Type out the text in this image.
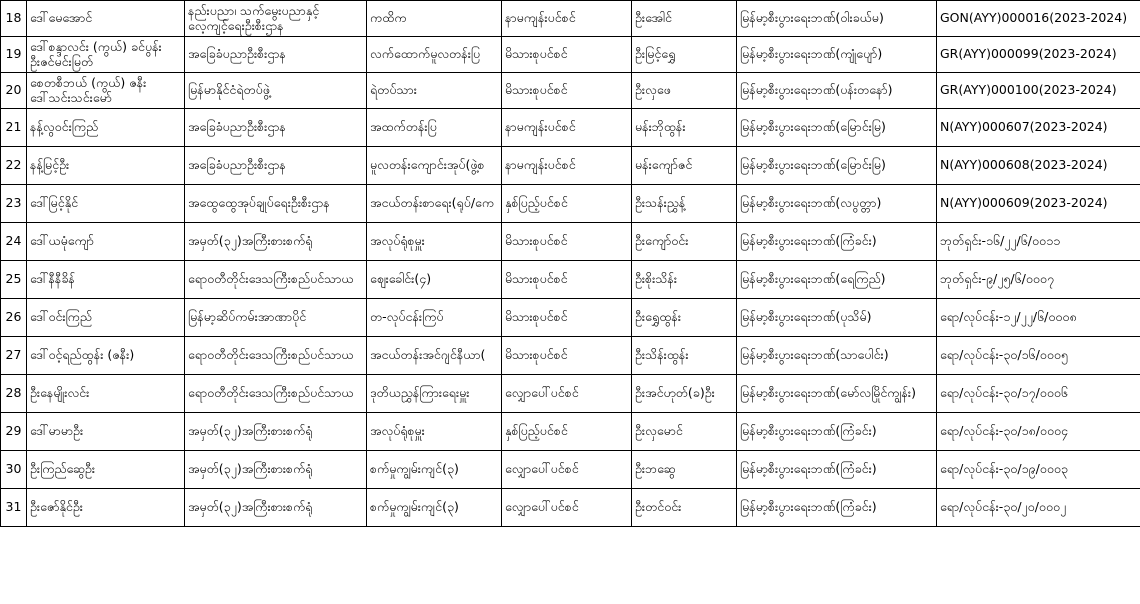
18	ဒေါ်မေအောင်	နည်းပညာ၊ သက်မွေးပညာနှင့်
လေ့ကျင့်ရေးဦးစီးဌာန	ကထိက	နာမကျန်းပင်စင်	ဦးအေါင်	မြန်မာ့စီးပွားရေးဘဏ်(ဝါးခယ်မ)	GON(AYY)000016(2023-2024)
19	ဒေါ်စန္ဒာလင်း (ကွယ်) ခင်ပွန်း
ဦးဇင်မင်းမြတ်	အခြေခံပညာဦးစီးဌာန	လက်ထောက်မူလတန်းပြ	မိသားစုပင်စင်	ဦးမြင့်ရွှေ	မြန်မာ့စီးပွားရေးဘဏ်(ကျုံပျော်)	GR(AYY)000099(2023-2024)
20	စေတစီဘယ် (ကွယ်) ဇနီး
ဒေါ်သင်းသင်းမော်	မြန်မာနိုင်ငံရဲတပ်ဖွဲ့	ရဲတပ်သား	မိသားစုပင်စင်	ဦးလှဖေ	မြန်မာ့စီးပွားရေးဘဏ်(ပန်းတနော်)	GR(AYY)000100(2023-2024)
21	နန့်လွဝင်းကြည်	အခြေခံပညာဦးစီးဌာန	အထက်တန်းပြ	နာမကျန်းပင်စင်	မန်းဘိုထွန်း	မြန်မာ့စီးပွားရေးဘဏ်(မြောင်းမြ)	N(AYY)000607(2023-2024)
22	နန့်မြင့်ဦး	အခြေခံပညာဦးစီးဌာန	မူလတန်းကျောင်းအုပ်(ဖွဲ့စ	နာမကျန်းပင်စင်	မန်းကျော်ဇင်	မြန်မာ့စီးပွားရေးဘဏ်(မြောင်းမြ)	N(AYY)000608(2023-2024)
23	ဒေါ်မြင့်နိုင်	အထွေထွေအုပ်ချုပ်ရေးဦးစီးဌာန	အငယ်တန်းစာရေး(ရုပ်/ကေ	နှစ်ပြည့်ပင်စင်	ဦးသန်းညွှန့်	မြန်မာ့စီးပွားရေးဘဏ်(လပွတ္တာ)	N(AYY)000609(2023-2024)
24	ဒေါ်ယမုံကျော်	အမှတ်(၃၂)အကြီးစားစက်ရုံ	အလုပ်ရုံစုမှူး	မိသားစုပင်စင်	ဦးကျော်ဝင်း	မြန်မာ့စီးပွားရေးဘဏ်(ကြံခင်း)	ဘုတ်ရှင်း-၁၆/၂၂/၆/၀၀၁၁
25	ဒေါ်နီနီခိန်	ရောဝတီတိုင်းဒေသကြီးစည်ပင်သာယ	ဈေးခေါင်း(၄)	မိသားစုပင်စင်	ဦးစိုးသိန်း	မြန်မာ့စီးပွားရေးဘဏ်(ရေကြည်)	ဘုတ်ရှင်း-၉/၂၅/၆/၀၀၀၇
26	ဒေါ်ဝင်းကြည်	မြန်မာ့ဆိပ်ကမ်းအာဏာပိုင်	တ-လုပ်ငန်းကြပ်	မိသားစုပင်စင်	ဦးရွှေထွန်း	မြန်မာ့စီးပွားရေးဘဏ်(ပုသိမ်)	ရော/လုပ်ငန်း-၁၂/၂၂/၆/၀၀၀၈
27	ဒေါ်ဝင့်ရည်ထွန်း (ဇနီး)	ရောဝတီတိုင်းဒေသကြီးစည်ပင်သာယ	အငယ်တန်းအင်ဂျင်နီယာ(	မိသားစုပင်စင်	ဦးသိန်းထွန်း	မြန်မာ့စီးပွားရေးဘဏ်(သာပေါင်း)	ရော/လုပ်ငန်း-၃၀/၁၆/၀၀၀၅
28	ဦးနေမျိုးလင်း	ရောဝတီတိုင်းဒေသကြီးစည်ပင်သာယ	ဒုတိယညွှန်ကြားရေးမှူး	လျှောပေါ်ပင်စင်	ဦးအင်ဟုတ်(ခ)ဦး	မြန်မာ့စီးပွားရေးဘဏ်(မော်လမြိုင်ကျွန်း)	ရော/လုပ်ငန်း-၃၀/၁၇/၀၀၀၆
29	ဒေါ်မာမာဦး	အမှတ်(၃၂)အကြီးစားစက်ရုံ	အလုပ်ရုံစုမှူး	နှစ်ပြည့်ပင်စင်	ဦးလှမောင်	မြန်မာ့စီးပွားရေးဘဏ်(ကြံခင်း)	ရော/လုပ်ငန်း-၃၀/၁၈/၀၀၀၄
30	ဦးကြည်ဆွေဦး	အမှတ်(၃၂)အကြီးစားစက်ရုံ	စက်မှုကျွမ်းကျင်(၃)	လျှောပေါ်ပင်စင်	ဦးဘဆွေ	မြန်မာ့စီးပွားရေးဘဏ်(ကြံခင်း)	ရော/လုပ်ငန်း-၃၀/၁၉/၀၀၀၃
31	ဦးဇော်နိုင်ဦး	အမှတ်(၃၂)အကြီးစားစက်ရုံ	စက်မှုကျွမ်းကျင်(၃)	လျှောပေါ်ပင်စင်	ဦးတင်ဝင်း	မြန်မာ့စီးပွားရေးဘဏ်(ကြံခင်း)	ရော/လုပ်ငန်း-၃၀/၂၀/၀၀၀၂
